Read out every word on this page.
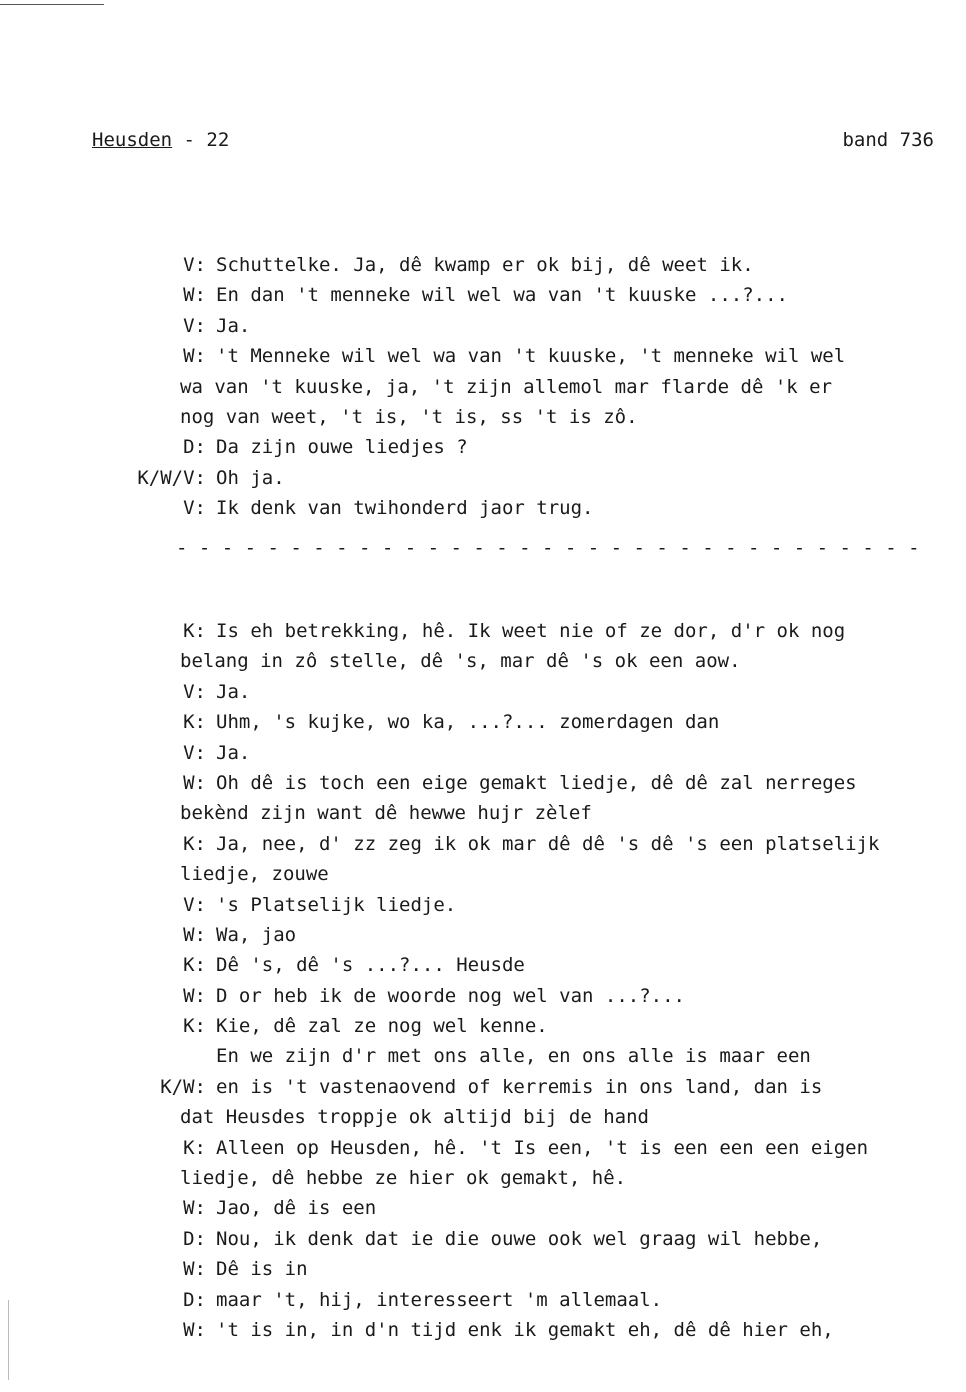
Heusden - 22	band 736
V: Schuttelke. Ja, dê kwamp er ok bij, dê weet ik.
W: En dan 't menneke wil wel wa van 't kuuske ...?...
V: Ja.
W: 't Menneke wil wel wa van 't kuuske, 't menneke wil wel
wa van 't kuuske, ja, 't zijn allemol mar flarde dê 'k er
nog van weet, 't is, 't is, ss 't is zô.
D: Da zijn ouwe liedjes ?
K/W/V: Oh ja.
V: Ik denk van twihonderd jaor trug.
- - - - - - - - - - - - - - - - - - - - - - - - - - - - - - - - -
K: Is eh betrekking, hê. Ik weet nie of ze dor, d'r ok nog
belang in zô stelle, dê 's, mar dê 's ok een aow.
V: Ja.
K: Uhm, 's kujke, wo ka, ...?... zomerdagen dan
V: Ja.
W: Oh dê is toch een eige gemakt liedje, dê dê zal nerreges
bekènd zijn want dê hewwe hujr zèlef
K: Ja, nee, d' zz zeg ik ok mar dê dê 's dê 's een platselijk
liedje, zouwe
V: 's Platselijk liedje.
W: Wa, jao
K: Dê 's, dê 's ...?... Heusde
W: D or heb ik de woorde nog wel van ...?...
K: Kie, dê zal ze nog wel kenne.
En we zijn d'r met ons alle, en ons alle is maar een
K/W: en is 't vastenaovend of kerremis in ons land, dan is
dat Heusdes troppje ok altijd bij de hand
K: Alleen op Heusden, hê. 't Is een, 't is een een een eigen
liedje, dê hebbe ze hier ok gemakt, hê.
W: Jao, dê is een
D: Nou, ik denk dat ie die ouwe ook wel graag wil hebbe,
W: Dê is in
D: maar 't, hij, interesseert 'm allemaal.
W: 't is in, in d'n tijd enk ik gemakt eh, dê dê hier eh,
